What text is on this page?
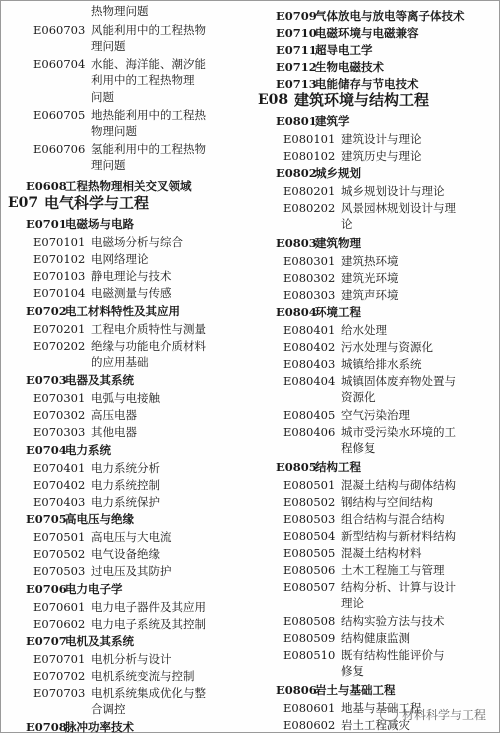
热物理问题
E060703 风能利用中的工程热物
理问题
E060704 水能、海洋能、潮汐能
利用中的工程热物理
问题
E060705 地热能利用中的工程热
物理问题
E060706 氢能利用中的工程热物
理问题
E0608
工程热物理相关交叉领域
E07 电气科学与工程
E0701
电磁场与电路
E070101 电磁场分析与综合
E070102 电网络理论
E070103 静电理论与技术
E070104 电磁测量与传感
E0702
电工材料特性及其应用
E070201 工程电介质特性与测量
E070202 绝缘与功能电介质材料
的应用基础
E0703
电器及其系统
E070301 电弧与电接触
E070302 高压电器
E070303 其他电器
E0704
电力系统
E070401 电力系统分析
E070402 电力系统控制
E070403 电力系统保护
E0705
高电压与绝缘
E070501 高电压与大电流
E070502 电气设备绝缘
E070503 过电压及其防护
E0706
电力电子学
E070601 电力电子器件及其应用
E070602 电力电子系统及其控制
E0707
电机及其系统
E070701 电机分析与设计
E070702 电机系统变流与控制
E070703 电机系统集成优化与整
合调控
E0708
脉冲功率技术
E0709
气体放电与放电等离子体技术
E0710
电磁环境与电磁兼容
E0711
超导电工学
E0712
生物电磁技术
E0713
电能储存与节电技术
E08 建筑环境与结构工程
E0801
建筑学
E080101 建筑设计与理论
E080102 建筑历史与理论
E0802
城乡规划
E080201 城乡规划设计与理论
E080202 风景园林规划设计与理
论
E0803
建筑物理
E080301 建筑热环境
E080302 建筑光环境
E080303 建筑声环境
E0804
环境工程
E080401 给水处理
E080402 污水处理与资源化
E080403 城镇给排水系统
E080404 城镇固体废弃物处置与
资源化
E080405 空气污染治理
E080406 城市受污染水环境的工
程修复
E0805
结构工程
E080501 混凝土结构与砌体结构
E080502 钢结构与空间结构
E080503 组合结构与混合结构
E080504 新型结构与新材料结构
E080505 混凝土结构材料
E080506 土木工程施工与管理
E080507 结构分析、计算与设计
理论
E080508 结构实验方法与技术
E080509 结构健康监测
E080510 既有结构性能评价与
修复
E0806
岩土与基础工程
E080601 地基与基础工程
E080602 岩土工程减灾
材料科学与工程
